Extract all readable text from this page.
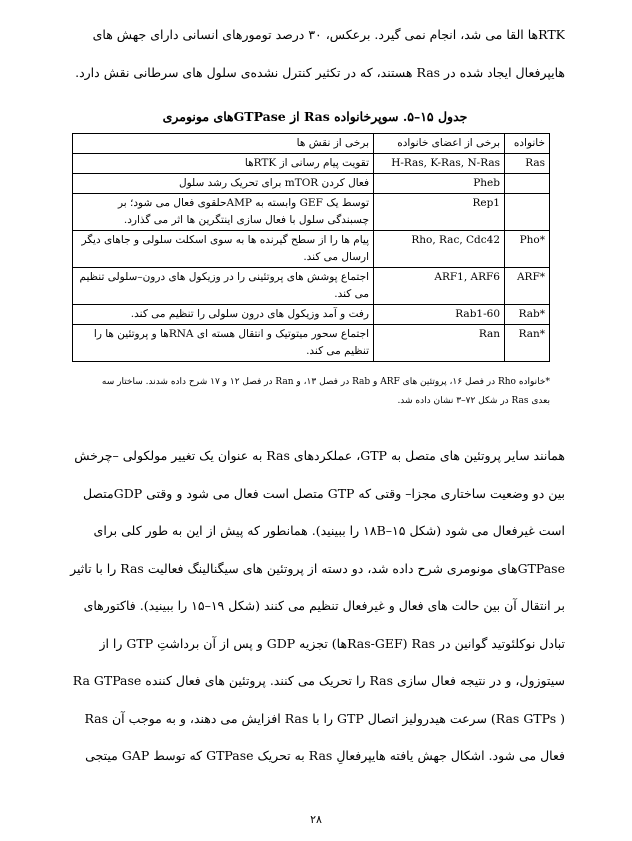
RTKها القا می شد، انجام نمی گیرد. برعکس، ۳۰ درصد تومورهای انسانی دارای جهش های
هایپرفعال ایجاد شده در Ras هستند، که در تکثیر کنترل نشده‌ی سلول های سرطانی نقش دارد.

جدول ۱۵–۵. سوپرخانواده Ras از GTPaseهای مونومری

خانواده	برخی از اعضای خانواده	برخی از نقش ها
Ras	H-Ras, K-Ras, N-Ras	تقویت پیام رسانی از RTKها
	Pheb	فعال کردن mTOR برای تحریک رشد سلول
	Rep1	توسط یک GEF وابسته به AMPحلقوی فعال می شود؛ بر چسبندگی سلول با فعال سازی اینتگرین ها اثر می گذارد.
Pho*	Rho, Rac, Cdc42	پیام ها را از سطح گیرنده ها به سوی اسکلت سلولی و جاهای دیگر ارسال می کند.
ARF*	ARF1, ARF6	اجتماع پوشش های پروتئینی را در وزیکول های درون–سلولی تنظیم می کند.
Rab*	Rab1-60	رفت و آمد وزیکول های درون سلولی را تنظیم می کند.
Ran*	Ran	اجتماع سحور میتوتیک و انتقال هسته ای RNAها و پروتئین ها را تنظیم می کند.

*خانواده Rho در فصل ۱۶، پروتئین های ARF و Rab در فصل ۱۳، و Ran در فصل ۱۲ و ۱۷ شرح داده شدند. ساختار سه بعدی Ras در شکل ۷۲–۳ نشان داده شد.

همانند سایر پروتئین های متصل به GTP، عملکردهای Ras به عنوان یک تغییر مولکولی –چرخش
بین دو وضعیت ساختاری مجزا– وقتی که GTP متصل است فعال می شود و وقتی GDPمتصل
است غیرفعال می شود (شکل ۱۸B–۱۵ را ببینید). همانطور که پیش از این به طور کلی برای
GTPaseهای مونومری شرح داده شد، دو دسته از پروتئین های سیگنالینگ فعالیت Ras را با تاثیر
بر انتقال آن بین حالت های فعال و غیرفعال تنظیم می کنند (شکل ۱۹–۱۵ را ببینید). فاکتورهای
تبادل نوکلئوتید گوانین در Ras (Ras-GEFها) تجزیه GDP و پس از آن برداشتِ GTP را از
سیتوزول، و در نتیجه فعال سازی Ras را تحریک می کنند. پروتئین های فعال کننده Ra GTPase
( Ras GTPs) سرعت هیدرولیز اتصال GTP را با Ras افزایش می دهند، و به موجب آن Ras
فعال می شود. اشکال جهش یافته هایپرفعالِ Ras به تحریک GTPase که توسط GAP میتجی

۲۸
